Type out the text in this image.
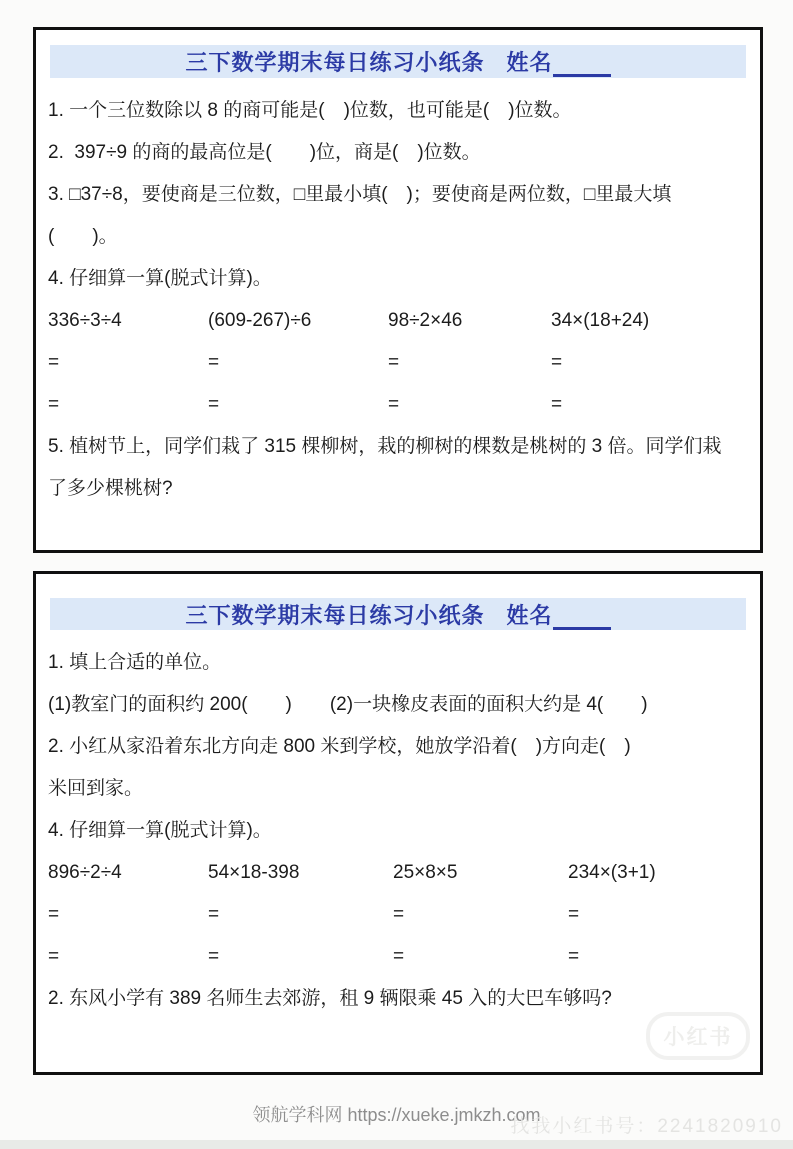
三下数学期末每日练习小纸条 姓名

1. 一个三位数除以 8 的商可能是(　)位数，也可能是(　)位数。

2.  397÷9 的商的最高位是(　　)位，商是(　)位数。

3. □37÷8，要使商是三位数，□里最小填(　)；要使商是两位数，□里最大填

(　　)。

4. 仔细算一算(脱式计算)。

336÷3÷4	(609-267)÷6	98÷2×46	34×(18+24)
=	=	=	=
=	=	=	=

5. 植树节上，同学们栽了 315 棵柳树，栽的柳树的棵数是桃树的 3 倍。同学们栽

了多少棵桃树?

三下数学期末每日练习小纸条 姓名

1. 填上合适的单位。

(1)教室门的面积约 200(　　)　　(2)一块橡皮表面的面积大约是 4(　　)

2. 小红从家沿着东北方向走 800 米到学校，她放学沿着(　)方向走(　)

米回到家。

4. 仔细算一算(脱式计算)。

896÷2÷4	54×18-398	25×8×5	234×(3+1)
=	=	=	=
=	=	=	=

2. 东风小学有 389 名师生去郊游，租 9 辆限乘 45 入的大巴车够吗?

小红书
领航学科网 https://xueke.jmkzh.com
找我小红书号：2241820910
